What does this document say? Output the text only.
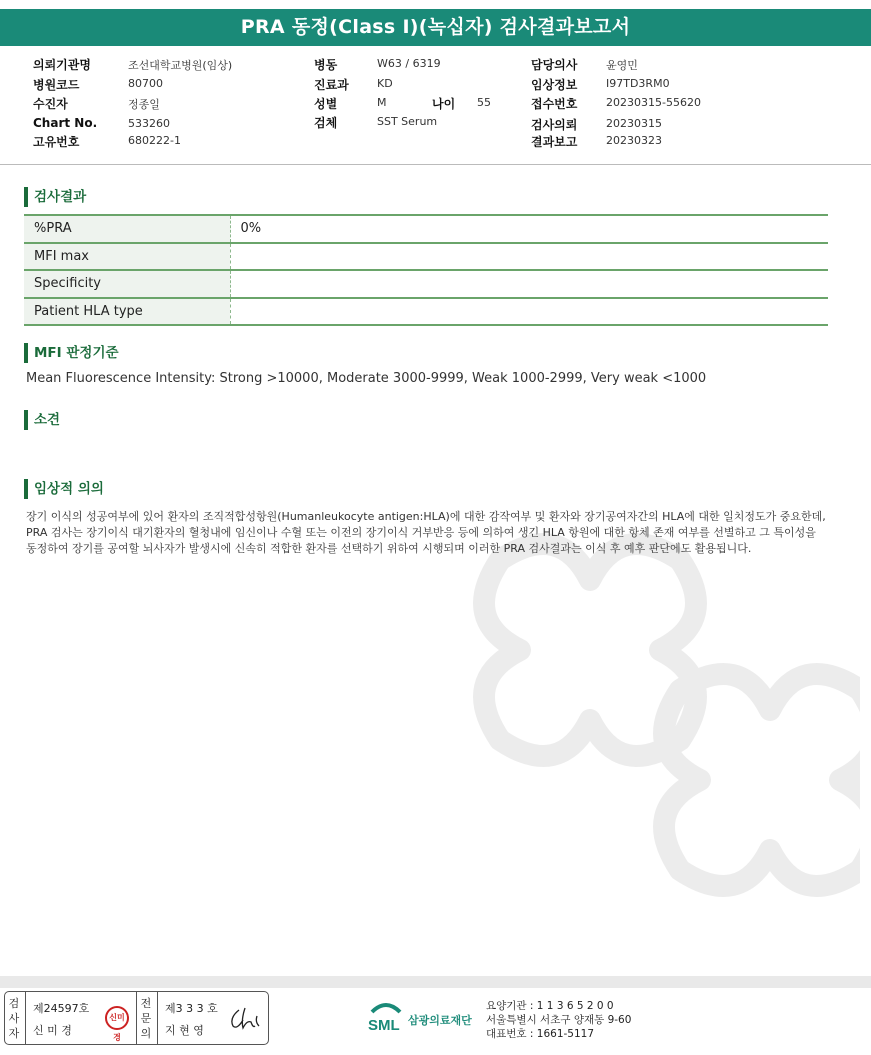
PRA 동정(Class I)(녹십자) 검사결과보고서
의뢰기관명	조선대학교병원(임상)
병원코드	80700
수진자	정종일
Chart No.	533260
고유번호	680222-1
병동	W63 / 6319
진료과	KD
성별	M	나이 55
검체	SST Serum
담당의사	윤영민
임상정보	I97TD3RM0
접수번호	20230315-55620
검사의뢰	20230315
결과보고	20230323
검사결과
%PRA	0%
MFI max	
Specificity	
Patient HLA type	
MFI 판정기준
Mean Fluorescence Intensity: Strong >10000, Moderate 3000-9999, Weak 1000-2999, Very weak <1000
소견
임상적 의의
장기 이식의 성공여부에 있어 환자의 조직적합성항원(Humanleukocyte antigen:HLA)에 대한 감작여부 및 환자와 장기공여자간의 HLA에 대한 일치정도가 중요한데, PRA 검사는 장기이식 대기환자의 혈청내에 임신이나 수혈 또는 이전의 장기이식 거부반응 등에 의하여 생긴 HLA 항원에 대한 항체 존재 여부를 선별하고 그 특이성을 동정하여 장기를 공여할 뇌사자가 발생시에 신속히 적합한 환자를 선택하기 위하여 시행되며 이러한 PRA 검사결과는 이식 후 예후 판단에도 활용됩니다.
검
사
자
제24597호
신 미 경
신미경
전
문
의
제3 3 3 호
지 현 영	SML 삼광의료재단
요양기관 : 1 1 3 6 5 2 0 0
서울특별시 서초구 양재동 9-60
대표번호 : 1661-5117
